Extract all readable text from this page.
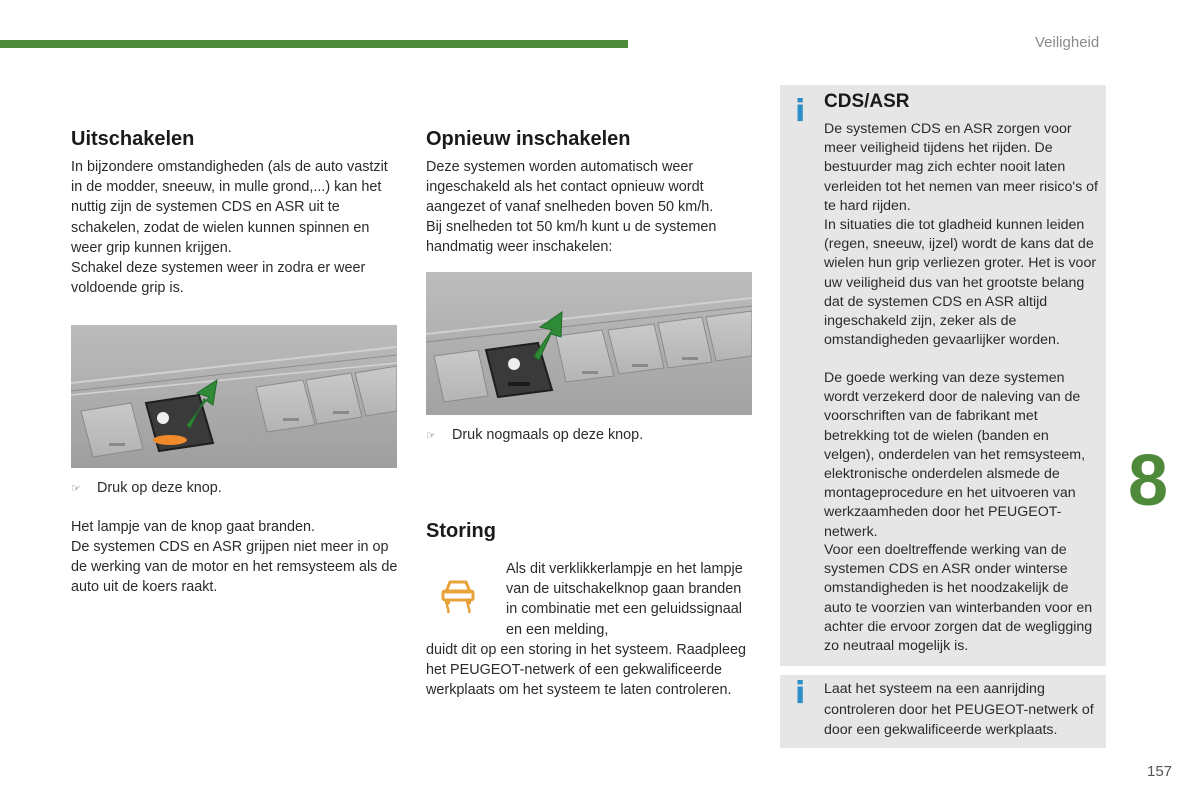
Veiligheid
Uitschakelen

In bijzondere omstandigheden (als de auto vastzit in de modder, sneeuw, in mulle grond,...) kan het nuttig zijn de systemen CDS en ASR uit te schakelen, zodat de wielen kunnen spinnen en weer grip kunnen krijgen.

Schakel deze systemen weer in zodra er weer voldoende grip is.

☞ Druk op deze knop.

Het lampje van de knop gaat branden.

De systemen CDS en ASR grijpen niet meer in op de werking van de motor en het remsysteem als de auto uit de koers raakt.

Opnieuw inschakelen

Deze systemen worden automatisch weer ingeschakeld als het contact opnieuw wordt aangezet of vanaf snelheden boven 50 km/h.

Bij snelheden tot 50 km/h kunt u de systemen handmatig weer inschakelen:

☞ Druk nogmaals op deze knop.
Storing

Als dit verklikkerlampje en het lampje van de uitschakelknop gaan branden in combinatie met een geluidssignaal en een melding,

duidt dit op een storing in het systeem. Raadpleeg het PEUGEOT-netwerk of een gekwalificeerde werkplaats om het systeem te laten controleren.

i CDS/ASR
De systemen CDS en ASR zorgen voor meer veiligheid tijdens het rijden. De bestuurder mag zich echter nooit laten verleiden tot het nemen van meer risico's of te hard rijden.
In situaties die tot gladheid kunnen leiden (regen, sneeuw, ijzel) wordt de kans dat de wielen hun grip verliezen groter. Het is voor uw veiligheid dus van het grootste belang dat de systemen CDS en ASR altijd ingeschakeld zijn, zeker als de omstandigheden gevaarlijker worden.
De goede werking van deze systemen wordt verzekerd door de naleving van de voorschriften van de fabrikant met betrekking tot de wielen (banden en velgen), onderdelen van het remsysteem, elektronische onderdelen alsmede de montageprocedure en het uitvoeren van werkzaamheden door het PEUGEOT-netwerk.
Voor een doeltreffende werking van de systemen CDS en ASR onder winterse omstandigheden is het noodzakelijk de auto te voorzien van winterbanden voor en achter die ervoor zorgen dat de wegligging zo neutraal mogelijk is.
i Laat het systeem na een aanrijding controleren door het PEUGEOT-netwerk of door een gekwalificeerde werkplaats.
8
157
